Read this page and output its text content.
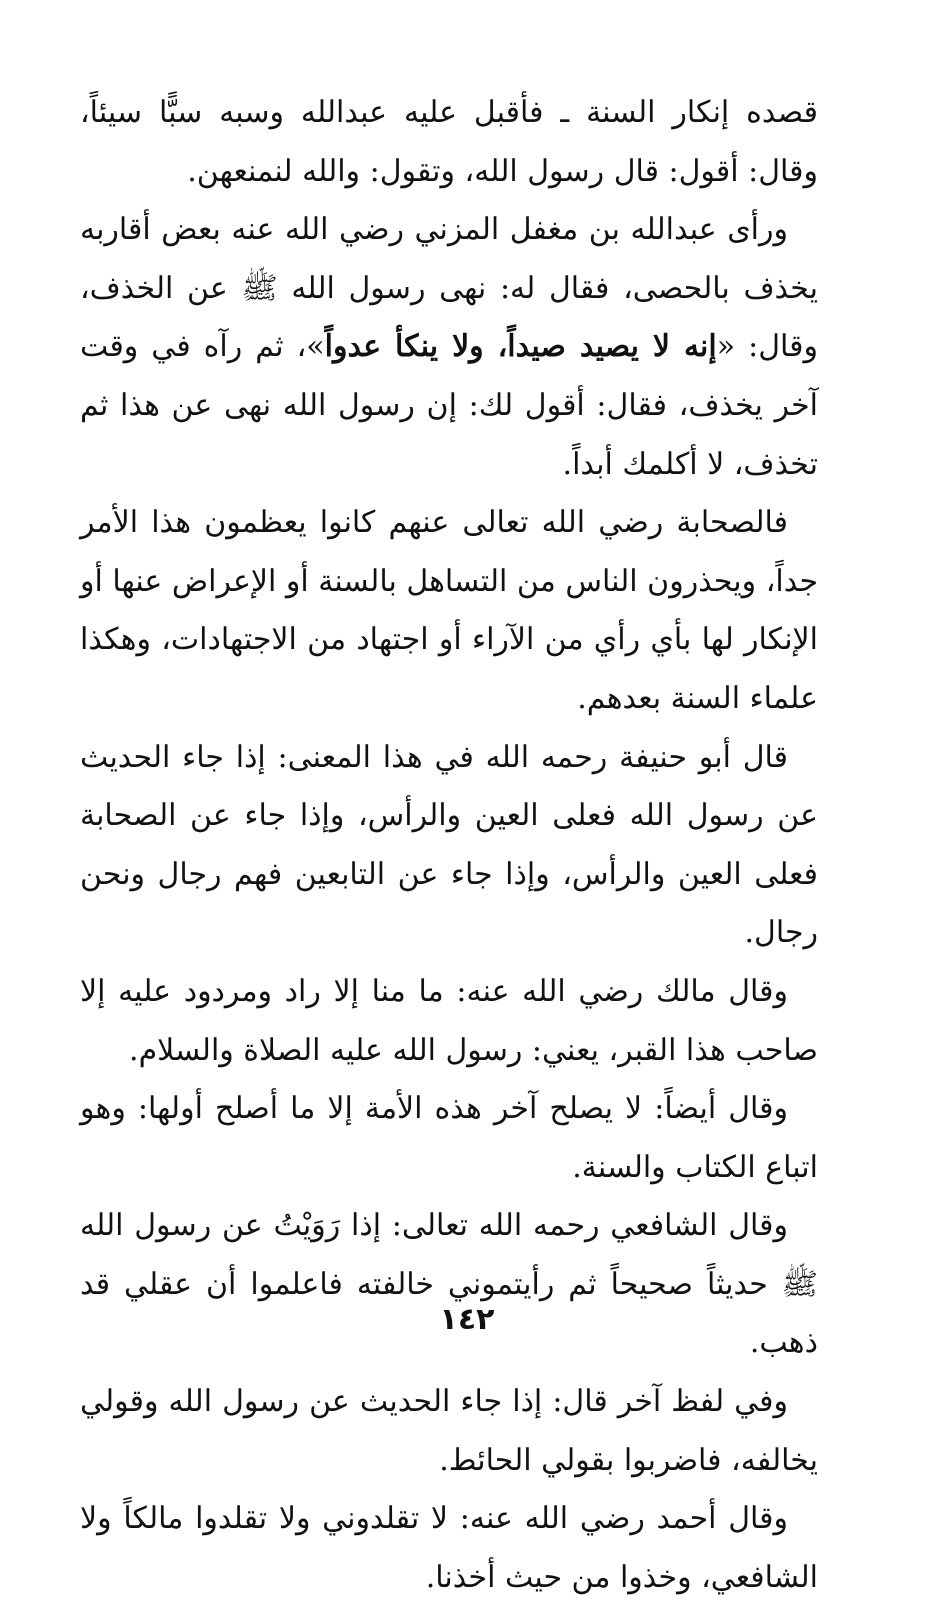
قصده إنكار السنة ـ فأقبل عليه عبدالله وسبه سبًّا سيئاً، وقال: أقول: قال رسول الله، وتقول: والله لنمنعهن.

ورأى عبدالله بن مغفل المزني رضي الله عنه بعض أقاربه يخذف بالحصى، فقال له: نهى رسول الله ﷺ عن الخذف، وقال: «إنه لا يصيد صيداً، ولا ينكأ عدواً»، ثم رآه في وقت آخر يخذف، فقال: أقول لك: إن رسول الله نهى عن هذا ثم تخذف، لا أكلمك أبداً.

فالصحابة رضي الله تعالى عنهم كانوا يعظمون هذا الأمر جداً، ويحذرون الناس من التساهل بالسنة أو الإعراض عنها أو الإنكار لها بأي رأي من الآراء أو اجتهاد من الاجتهادات، وهكذا علماء السنة بعدهم.

قال أبو حنيفة رحمه الله في هذا المعنى: إذا جاء الحديث عن رسول الله فعلى العين والرأس، وإذا جاء عن الصحابة فعلى العين والرأس، وإذا جاء عن التابعين فهم رجال ونحن رجال.

وقال مالك رضي الله عنه: ما منا إلا راد ومردود عليه إلا صاحب هذا القبر، يعني: رسول الله عليه الصلاة والسلام.

وقال أيضاً: لا يصلح آخر هذه الأمة إلا ما أصلح أولها: وهو اتباع الكتاب والسنة.

وقال الشافعي رحمه الله تعالى: إذا رَوَيْتُ عن رسول الله ﷺ حديثاً صحيحاً ثم رأيتموني خالفته فاعلموا أن عقلي قد ذهب.

وفي لفظ آخر قال: إذا جاء الحديث عن رسول الله وقولي يخالفه، فاضربوا بقولي الحائط.

وقال أحمد رضي الله عنه: لا تقلدوني ولا تقلدوا مالكاً ولا الشافعي، وخذوا من حيث أخذنا.

١٤٢
